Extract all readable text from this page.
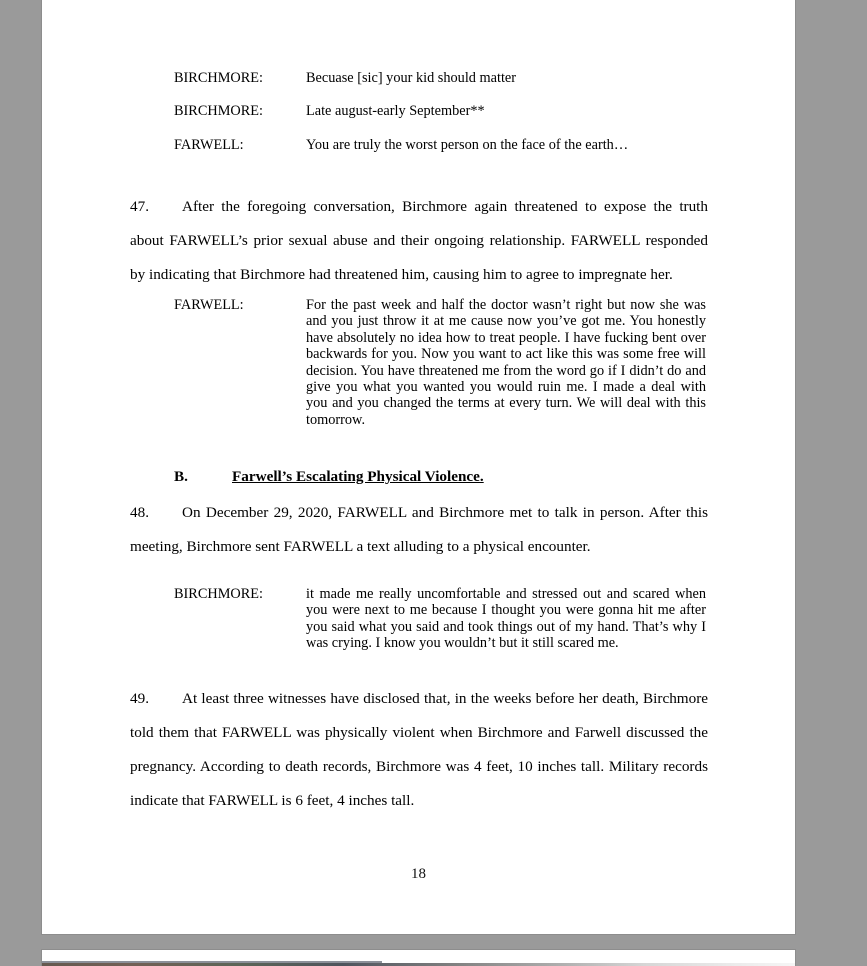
BIRCHMORE:	Becuase [sic] your kid should matter
BIRCHMORE:	Late august-early September**
FARWELL:	You are truly the worst person on the face of the earth…

47. After the foregoing conversation, Birchmore again threatened to expose the truth about FARWELL’s prior sexual abuse and their ongoing relationship. FARWELL responded by indicating that Birchmore had threatened him, causing him to agree to impregnate her.

FARWELL:	For the past week and half the doctor wasn’t right but now she was and you just throw it at me cause now you’ve got me. You honestly have absolutely no idea how to treat people. I have fucking bent over backwards for you. Now you want to act like this was some free will decision. You have threatened me from the word go if I didn’t do and give you what you wanted you would ruin me. I made a deal with you and you changed the terms at every turn. We will deal with this tomorrow.
B.	Farwell’s Escalating Physical Violence.

48. On December 29, 2020, FARWELL and Birchmore met to talk in person. After this meeting, Birchmore sent FARWELL a text alluding to a physical encounter.

BIRCHMORE:	it made me really uncomfortable and stressed out and scared when you were next to me because I thought you were gonna hit me after you said what you said and took things out of my hand. That’s why I was crying. I know you wouldn’t but it still scared me.

49. At least three witnesses have disclosed that, in the weeks before her death, Birchmore told them that FARWELL was physically violent when Birchmore and Farwell discussed the pregnancy. According to death records, Birchmore was 4 feet, 10 inches tall. Military records indicate that FARWELL is 6 feet, 4 inches tall.

18
